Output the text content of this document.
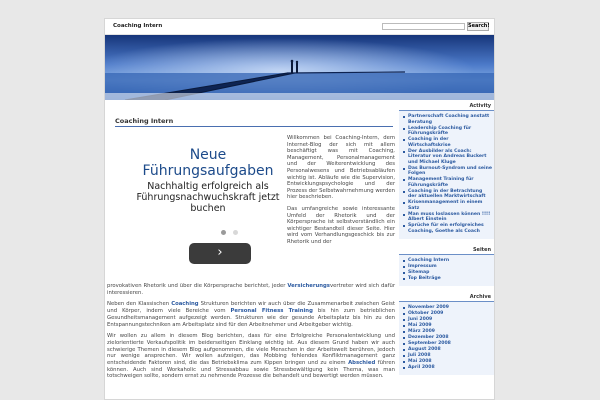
Coaching Intern	Search!
Coaching Intern
Neue Führungsaufgaben
Nachhaltig erfolgreich als Führungsnachwuchskraft jetzt buchen
›

Willkommen bei Coaching-Intern, dem Internet-Blog der sich mit allem beschäftigt was mit Coaching, Management, Personalmanagement und der Weiterentwicklung des Personalwesens und Betriebsabläufen wichtig ist. Abläufe wie die Supervision, Entwicklungspsychologie und der Prozess der Selbstwahrnehmung werden hier beschrieben.

Das umfangreiche sowie interessante Umfeld der Rhetorik und der Körpersprache ist selbstverständlich ein wichtiger Bestandteil dieser Seite. Hier wird vom Verhandlungsgeschick bis zur Rhetorik und der

provokativen Rhetorik und über die Körpersprache berichtet, jeder Versicherungsvertreter wird sich dafür interessieren.

Neben den Klassischen Coaching Strukturen berichten wir auch über die Zusammenarbeit zwischen Geist und Körper, indem viele Bereiche vom Personal Fitness Training bis hin zum betrieblichen Gesundheitsmanagement aufgezeigt werden. Strukturen wie der gesunde Arbeitsplatz bis hin zu den Entspannungstechniken am Arbeitsplatz sind für den Arbeitnehmer und Arbeitgeber wichtig.

Wir wollen zu allem in diesem Blog berichten, dass für eine Erfolgreiche Personalentwicklung und zielorientierte Verkaufspolitik im beiderseitigen Einklang wichtig ist. Aus diesem Grund haben wir auch schwierige Themen in diesem Blog aufgenommen, die viele Menschen in der Arbeitswelt berühren, jedoch nur wenige ansprechen. Wir wollen aufzeigen, das Mobbing fehlendes Konfliktmanagement ganz entscheidende Faktoren sind, die das Betriebsklima zum Kippen bringen und zu einem Abschied führen können. Auch sind Workaholic und Stressabbau sowie Stressbewältigung kein Thema, was man totschweigen sollte, sondern ernst zu nehmende Prozesse die behandelt und bewertigt werden müssen.

Activity
Partnerschaft Coaching anstatt Beratung
Leadership Coaching für Führungskräfte
Coaching in der Wirtschaftskrise
Der Ausbilder als Coach: Literatur von Andreas Buckert und Michael Kluge
Das Burnout-Syndrom und seine Folgen
Management Training für Führungskräfte
Coaching in der Betrachtung der aktuellen Marktwirtschaft
Krisenmanagement in einem Satz
Man muss loslassen können !!!! Albert Einstein
Sprüche für ein erfolgreiches Coaching, Goethe als Coach
Seiten
Coaching Intern
Impressum
Sitemap
Top Beiträge
Archive
November 2009
Oktober 2009
Juni 2009
Mai 2009
März 2009
Dezember 2008
September 2008
August 2008
Juli 2008
Mai 2008
April 2008
